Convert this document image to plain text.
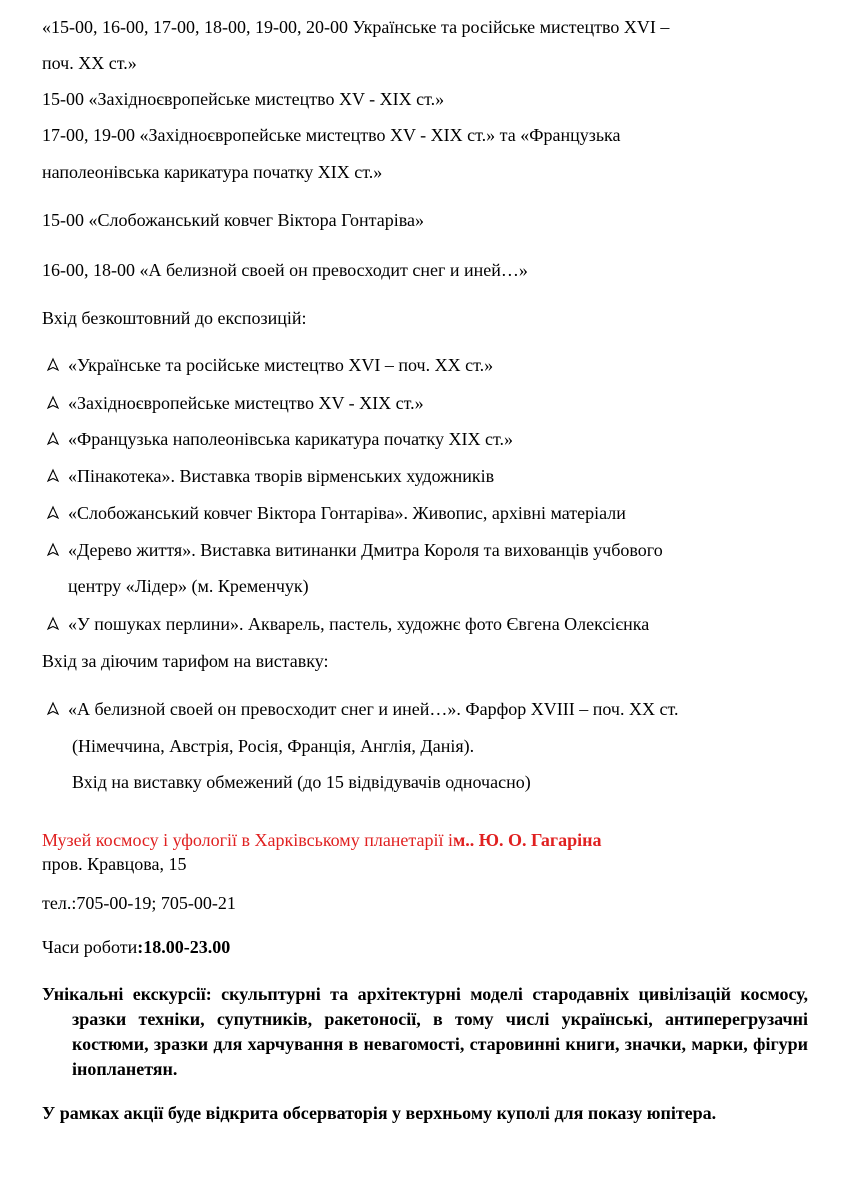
«15-00, 16-00, 17-00, 18-00, 19-00, 20-00 Українське та російське мистецтво XVI –
поч. XX ст.»
15-00 «Західноєвропейське мистецтво XV - XIX ст.»
17-00, 19-00 «Західноєвропейське мистецтво XV - XIX ст.» та «Французька
наполеонівська карикатура початку XIX ст.»
15-00 «Слобожанський ковчег Віктора Гонтаріва»
16-00, 18-00 «А белизной своей он превосходит снег и иней…»
Вхід безкоштовний до експозицій:
«Українське та російське мистецтво XVI – поч. XX ст.»
«Західноєвропейське мистецтво XV - XIX ст.»
«Французька наполеонівська карикатура початку XIX ст.»
«Пінакотека». Виставка творів вірменських художників
«Слобожанський ковчег Віктора Гонтаріва». Живопис, архівні матеріали
«Дерево життя». Виставка витинанки Дмитра Короля та вихованців учбового
центру «Лідер» (м. Кременчук)
«У пошуках перлини». Акварель, пастель, художнє фото Євгена Олексієнка
Вхід за діючим тарифом на виставку:
«А белизной своей он превосходит снег и иней…». Фарфор XVIII – поч. XX ст.
(Німеччина, Австрія, Росія, Франція, Англія, Данія).
Вхід на виставку обмежений (до 15 відвідувачів одночасно)
Музей космосу і уфології в Харківському планетарії ім.. Ю. О. Гагаріна
пров. Кравцова, 15
тел.:705-00-19; 705-00-21
Часи роботи:18.00-23.00
Унікальні екскурсії: скульптурні та архітектурні моделі стародавніх цивілізацій космосу, зразки техніки, супутників, ракетоносії, в тому числі українські, антиперегрузачні костюми, зразки для харчування в невагомості, старовинні книги, значки, марки, фігури інопланетян.
У рамках акції буде відкрита обсерваторія у верхньому куполі для показу юпітера.
